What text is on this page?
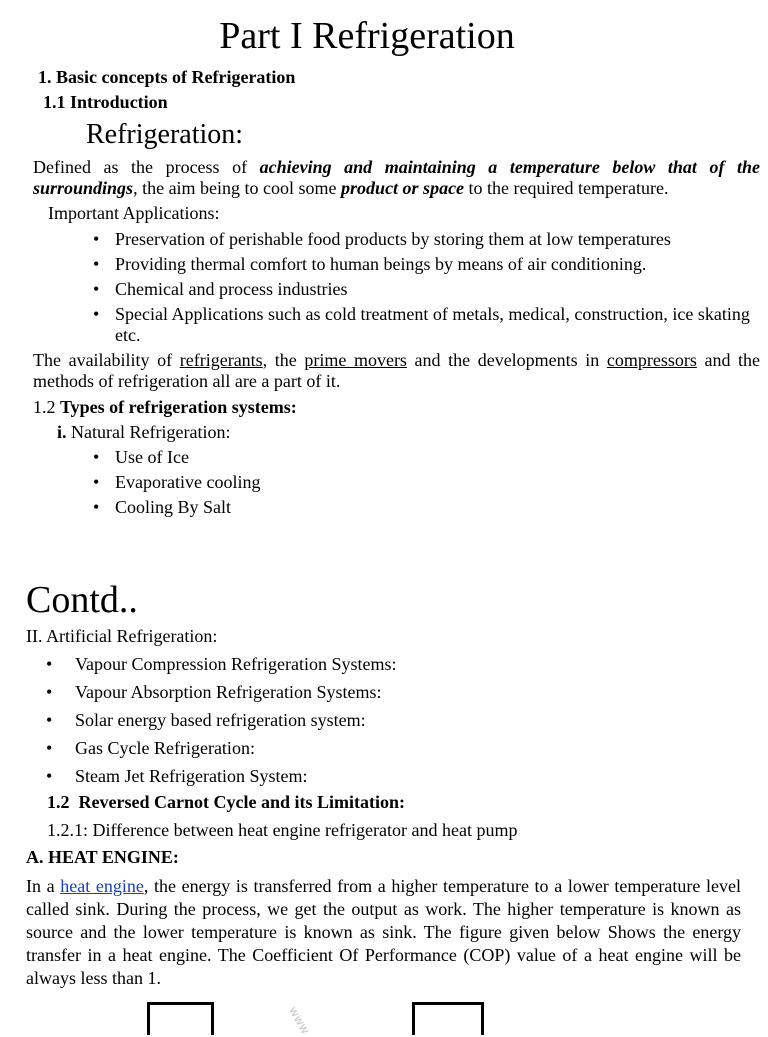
Part I Refrigeration
1. Basic concepts of Refrigeration
1.1 Introduction
Refrigeration:

Defined as the process of achieving and maintaining a temperature below that of the surroundings, the aim being to cool some product or space to the required temperature.

Important Applications:
• Preservation of perishable food products by storing them at low temperatures
• Providing thermal comfort to human beings by means of air conditioning.
• Chemical and process industries
• Special Applications such as cold treatment of metals, medical, construction, ice skating etc.

The availability of refrigerants, the prime movers and the developments in compressors and the methods of refrigeration all are a part of it.

1.2 Types of refrigeration systems:
i. Natural Refrigeration:
• Use of Ice
• Evaporative cooling
• Cooling By Salt
Contd..
II. Artificial Refrigeration:
• Vapour Compression Refrigeration Systems:
• Vapour Absorption Refrigeration Systems:
• Solar energy based refrigeration system:
• Gas Cycle Refrigeration:
• Steam Jet Refrigeration System:
1.2  Reversed Carnot Cycle and its Limitation:
1.2.1: Difference between heat engine refrigerator and heat pump
A. HEAT ENGINE:

In a heat engine, the energy is transferred from a higher temperature to a lower temperature level called sink. During the process, we get the output as work. The higher temperature is known as source and the lower temperature is known as sink. The figure given below Shows the energy transfer in a heat engine. The Coefficient Of Performance (COP) value of a heat engine will be always less than 1.

www
